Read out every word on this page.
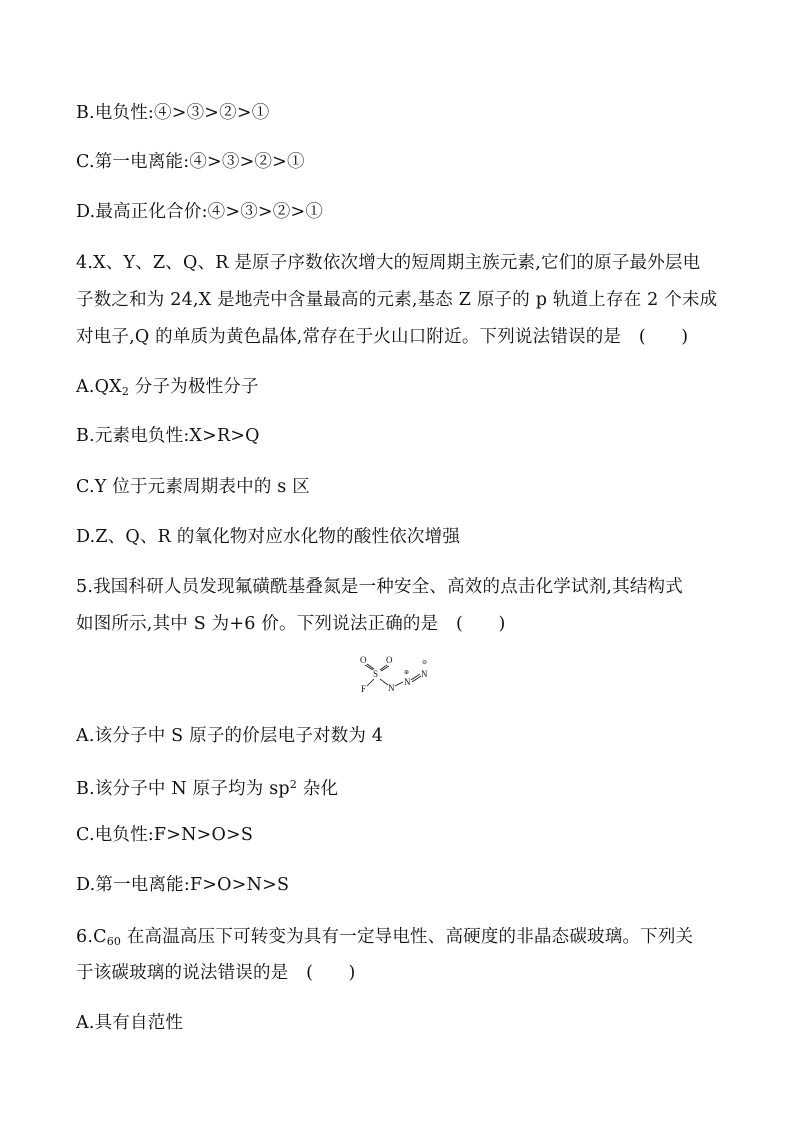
B.电负性:④>③>②>①
C.第一电离能:④>③>②>①
D.最高正化合价:④>③>②>①
4.X、Y、Z、Q、R 是原子序数依次增大的短周期主族元素,它们的原子最外层电
子数之和为 24,X 是地壳中含量最高的元素,基态 Z 原子的 p 轨道上存在 2 个未成
对电子,Q 的单质为黄色晶体,常存在于火山口附近。下列说法错误的是　(　　)
$A.QX_2$ 分子为极性分子
B.元素电负性:X>R>Q
C.Y 位于元素周期表中的 s 区
D.Z、Q、R 的氧化物对应水化物的酸性依次增强
5.我国科研人员发现氟磺酰基叠氮是一种安全、高效的点击化学试剂,其结构式
如图所示,其中 S 为+6 价。下列说法正确的是　(　　)
O O
S
F N
N
N
⊕
⊖
A.该分子中 S 原子的价层电子对数为 4
B.该分子中 N 原子均为 $sp^2$ 杂化
C.电负性:F>N>O>S
D.第一电离能:F>O>N>S
$6.C_{60}$ 在高温高压下可转变为具有一定导电性、高硬度的非晶态碳玻璃。下列关
于该碳玻璃的说法错误的是　(　　)
A.具有自范性
